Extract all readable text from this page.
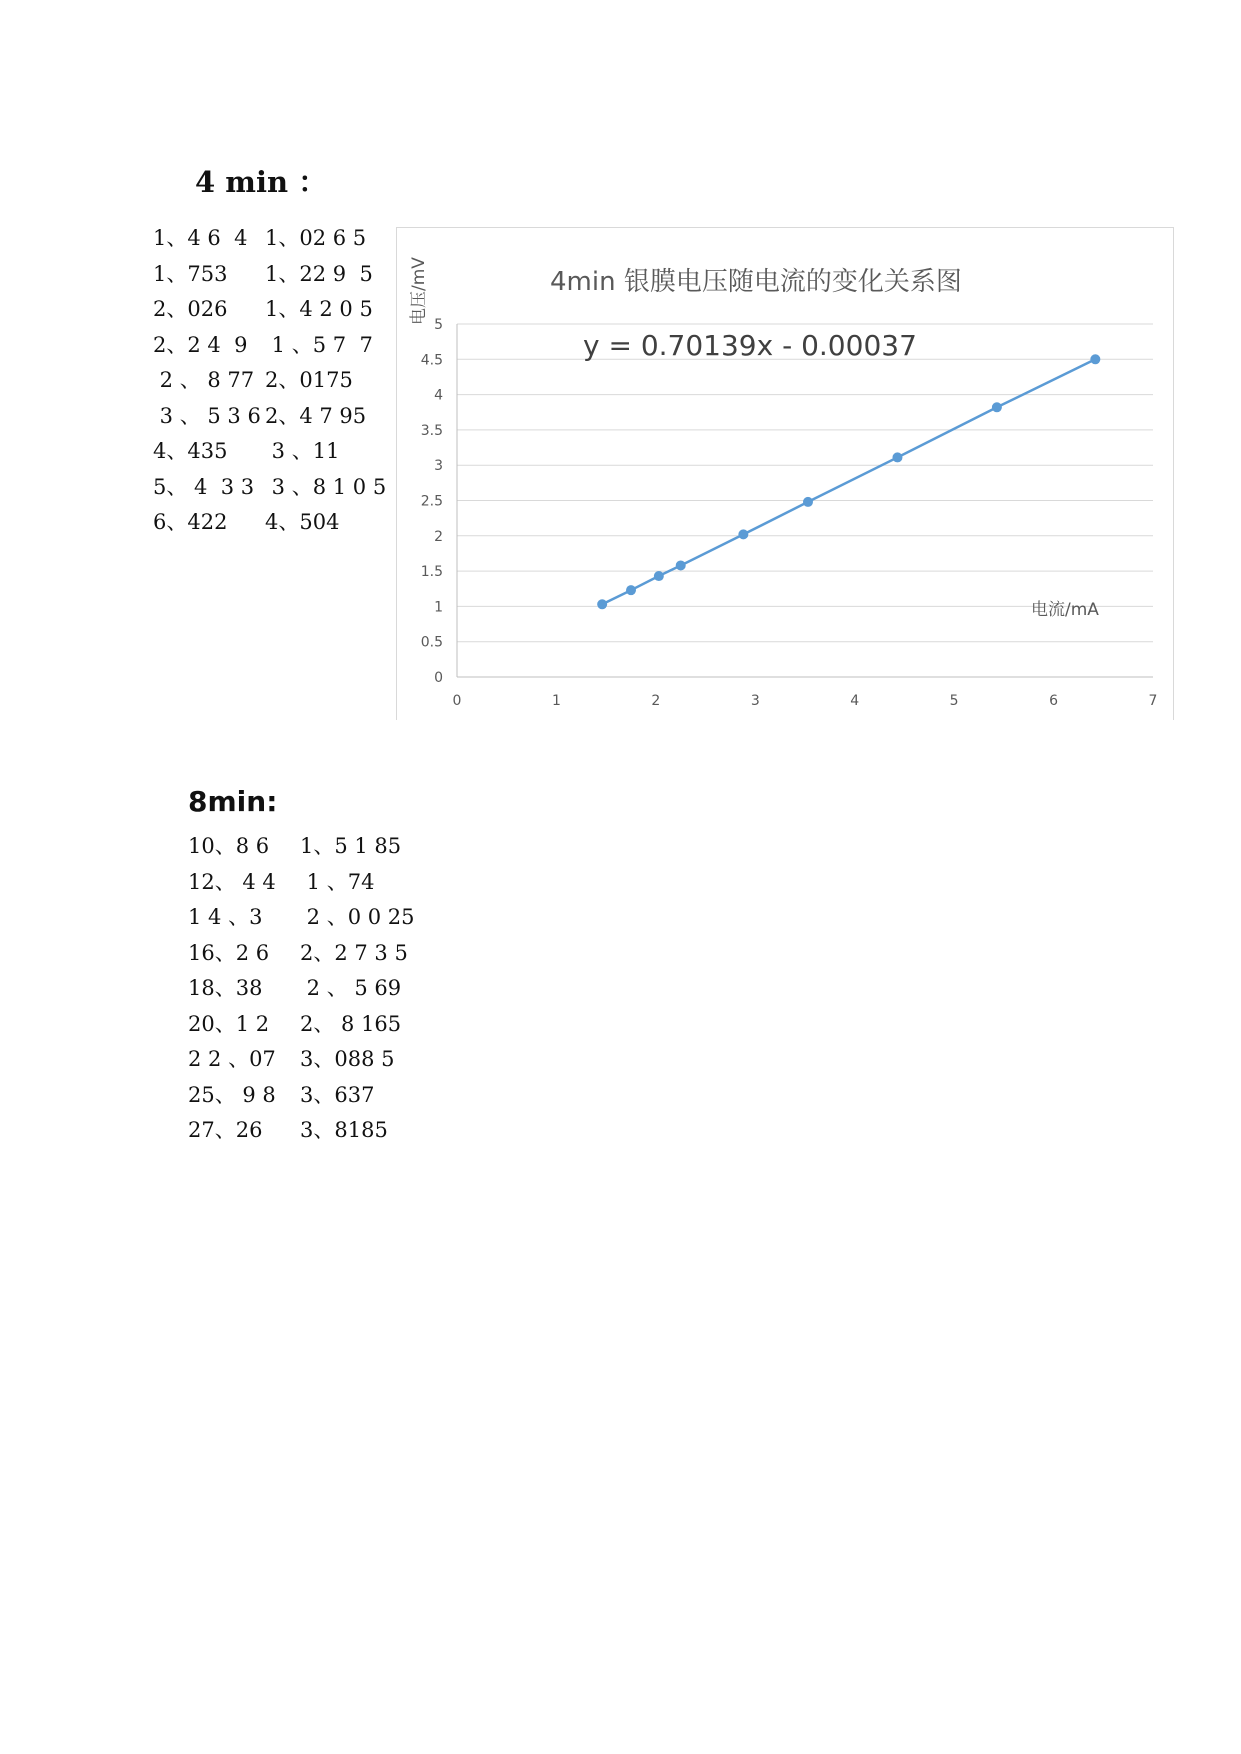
4 min ：
1、4 6  4 1、02 6 5
1、753 1、22 9  5
2、026 1、4 2 0 5
2、2 4  9 1 、5 7  7
2 、 8 77 2、0175
3 、 5 3 6 2、4 7 95
4、435 3 、11
5、 4  3 3 3 、8 1 0 5
6、422 4、504
0
0.5
1
1.5
2
2.5
3
3.5
4
4.5
5
0	1	2	3	4	5	6	7
4min 银膜电压随电流的变化关系图
y = 0.70139x - 0.00037
电流/mA
电压/mV
8min:
10、8 6 1、5 1 85
12、 4 4 1 、74
1 4 、3 2 、0 0 25
16、2 6 2、2 7 3 5
18、38 2 、 5 69
20、1 2 2、 8 165
2 2 、07 3、088 5
25、 9 8 3、637
27、26 3、8185
